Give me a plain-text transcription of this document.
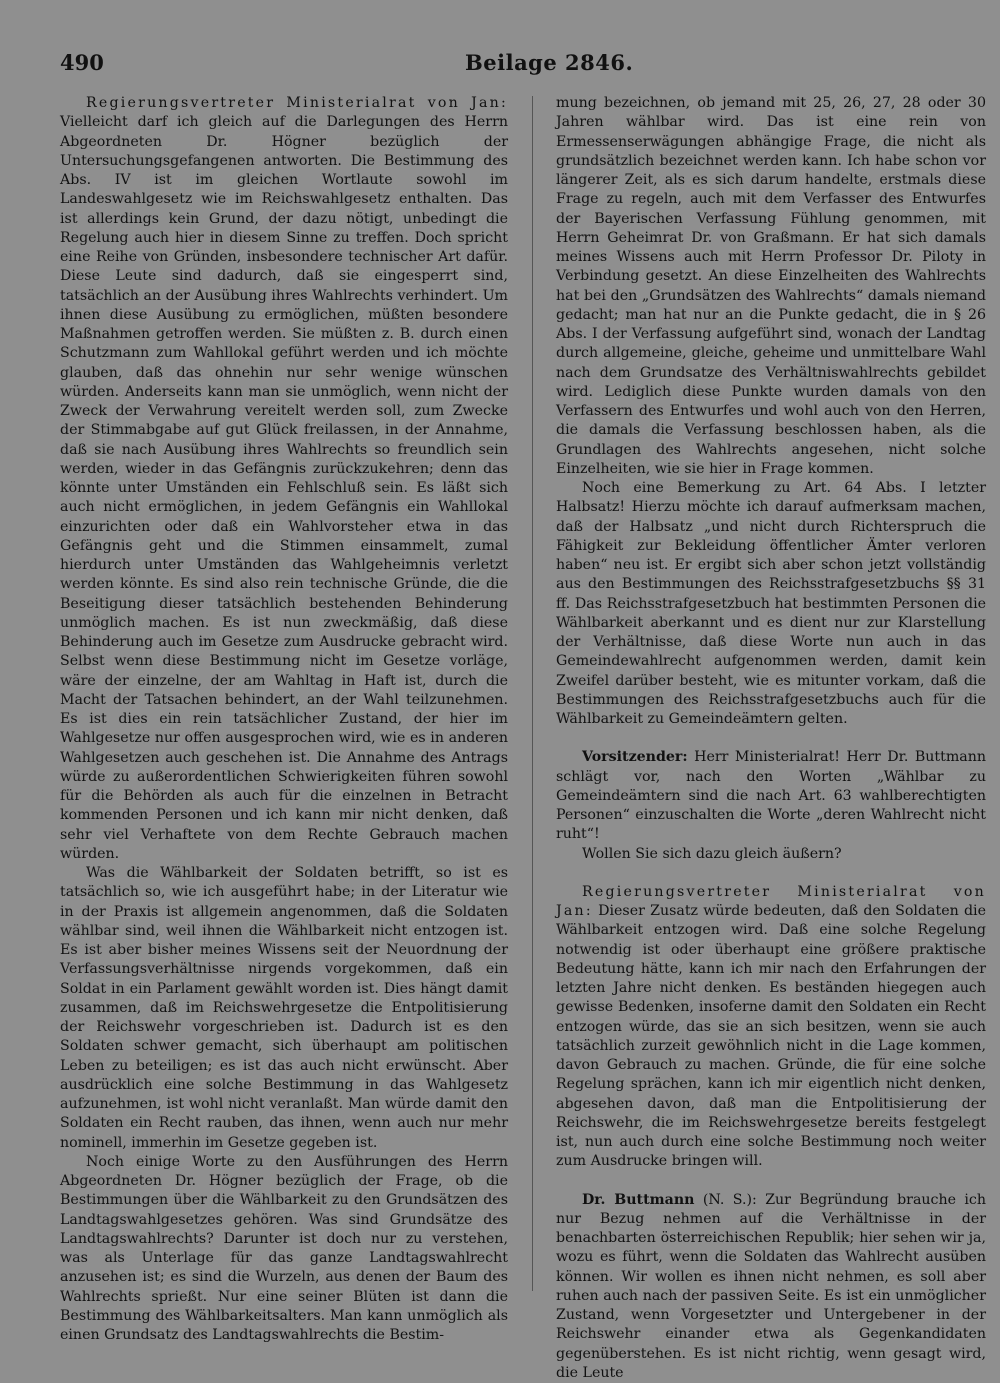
490	Beilage 2846.

Regierungsvertreter Ministerialrat von Jan: Vielleicht darf ich gleich auf die Darlegungen des Herrn Abgeordneten Dr. Högner bezüglich der Untersuchungsgefangenen antworten. Die Bestimmung des Abs. IV ist im gleichen Wortlaute sowohl im Landeswahlgesetz wie im Reichswahlgesetz enthalten. Das ist allerdings kein Grund, der dazu nötigt, unbedingt die Regelung auch hier in diesem Sinne zu treffen. Doch spricht eine Reihe von Gründen, insbesondere technischer Art dafür. Diese Leute sind dadurch, daß sie eingesperrt sind, tatsächlich an der Ausübung ihres Wahlrechts verhindert. Um ihnen diese Ausübung zu ermöglichen, müßten besondere Maßnahmen getroffen werden. Sie müßten z. B. durch einen Schutzmann zum Wahllokal geführt werden und ich möchte glauben, daß das ohnehin nur sehr wenige wünschen würden. Anderseits kann man sie unmöglich, wenn nicht der Zweck der Verwahrung vereitelt werden soll, zum Zwecke der Stimmabgabe auf gut Glück freilassen, in der Annahme, daß sie nach Ausübung ihres Wahlrechts so freundlich sein werden, wieder in das Gefängnis zurückzukehren; denn das könnte unter Umständen ein Fehlschluß sein. Es läßt sich auch nicht ermöglichen, in jedem Gefängnis ein Wahllokal einzurichten oder daß ein Wahlvorsteher etwa in das Gefängnis geht und die Stimmen einsammelt, zumal hierdurch unter Umständen das Wahlgeheimnis verletzt werden könnte. Es sind also rein technische Gründe, die die Beseitigung dieser tatsächlich bestehenden Behinderung unmöglich machen. Es ist nun zweckmäßig, daß diese Behinderung auch im Gesetze zum Ausdrucke gebracht wird. Selbst wenn diese Bestimmung nicht im Gesetze vorläge, wäre der einzelne, der am Wahltag in Haft ist, durch die Macht der Tatsachen behindert, an der Wahl teilzunehmen. Es ist dies ein rein tatsächlicher Zustand, der hier im Wahlgesetze nur offen ausgesprochen wird, wie es in anderen Wahlgesetzen auch geschehen ist. Die Annahme des Antrags würde zu außerordentlichen Schwierigkeiten führen sowohl für die Behörden als auch für die einzelnen in Betracht kommenden Personen und ich kann mir nicht denken, daß sehr viel Verhaftete von dem Rechte Gebrauch machen würden.

Was die Wählbarkeit der Soldaten betrifft, so ist es tatsächlich so, wie ich ausgeführt habe; in der Literatur wie in der Praxis ist allgemein angenommen, daß die Soldaten wählbar sind, weil ihnen die Wählbarkeit nicht entzogen ist. Es ist aber bisher meines Wissens seit der Neuordnung der Verfassungsverhältnisse nirgends vorgekommen, daß ein Soldat in ein Parlament gewählt worden ist. Dies hängt damit zusammen, daß im Reichswehrgesetze die Entpolitisierung der Reichswehr vorgeschrieben ist. Dadurch ist es den Soldaten schwer gemacht, sich überhaupt am politischen Leben zu beteiligen; es ist das auch nicht erwünscht. Aber ausdrücklich eine solche Bestimmung in das Wahlgesetz aufzunehmen, ist wohl nicht veranlaßt. Man würde damit den Soldaten ein Recht rauben, das ihnen, wenn auch nur mehr nominell, immerhin im Gesetze gegeben ist.

Noch einige Worte zu den Ausführungen des Herrn Abgeordneten Dr. Högner bezüglich der Frage, ob die Bestimmungen über die Wählbarkeit zu den Grundsätzen des Landtagswahlgesetzes gehören. Was sind Grundsätze des Landtagswahlrechts? Darunter ist doch nur zu verstehen, was als Unterlage für das ganze Landtagswahlrecht anzusehen ist; es sind die Wurzeln, aus denen der Baum des Wahlrechts sprießt. Nur eine seiner Blüten ist dann die Bestimmung des Wählbarkeitsalters. Man kann unmöglich als einen Grundsatz des Landtagswahlrechts die Bestim-

mung bezeichnen, ob jemand mit 25, 26, 27, 28 oder 30 Jahren wählbar wird. Das ist eine rein von Ermessenserwägungen abhängige Frage, die nicht als grundsätzlich bezeichnet werden kann. Ich habe schon vor längerer Zeit, als es sich darum handelte, erstmals diese Frage zu regeln, auch mit dem Verfasser des Entwurfes der Bayerischen Verfassung Fühlung genommen, mit Herrn Geheimrat Dr. von Graßmann. Er hat sich damals meines Wissens auch mit Herrn Professor Dr. Piloty in Verbindung gesetzt. An diese Einzelheiten des Wahlrechts hat bei den „Grundsätzen des Wahlrechts“ damals niemand gedacht; man hat nur an die Punkte gedacht, die in § 26 Abs. I der Verfassung aufgeführt sind, wonach der Landtag durch allgemeine, gleiche, geheime und unmittelbare Wahl nach dem Grundsatze des Verhältniswahlrechts gebildet wird. Lediglich diese Punkte wurden damals von den Verfassern des Entwurfes und wohl auch von den Herren, die damals die Verfassung beschlossen haben, als die Grundlagen des Wahlrechts angesehen, nicht solche Einzelheiten, wie sie hier in Frage kommen.

Noch eine Bemerkung zu Art. 64 Abs. I letzter Halbsatz! Hierzu möchte ich darauf aufmerksam machen, daß der Halbsatz „und nicht durch Richterspruch die Fähigkeit zur Bekleidung öffentlicher Ämter verloren haben“ neu ist. Er ergibt sich aber schon jetzt vollständig aus den Bestimmungen des Reichsstrafgesetzbuchs §§ 31 ff. Das Reichsstrafgesetzbuch hat bestimmten Personen die Wählbarkeit aberkannt und es dient nur zur Klarstellung der Verhältnisse, daß diese Worte nun auch in das Gemeindewahlrecht aufgenommen werden, damit kein Zweifel darüber besteht, wie es mitunter vorkam, daß die Bestimmungen des Reichsstrafgesetzbuchs auch für die Wählbarkeit zu Gemeindeämtern gelten.

Vorsitzender: Herr Ministerialrat! Herr Dr. Buttmann schlägt vor, nach den Worten „Wählbar zu Gemeindeämtern sind die nach Art. 63 wahlberechtigten Personen“ einzuschalten die Worte „deren Wahlrecht nicht ruht“!

Wollen Sie sich dazu gleich äußern?

Regierungsvertreter Ministerialrat von Jan: Dieser Zusatz würde bedeuten, daß den Soldaten die Wählbarkeit entzogen wird. Daß eine solche Regelung notwendig ist oder überhaupt eine größere praktische Bedeutung hätte, kann ich mir nach den Erfahrungen der letzten Jahre nicht denken. Es beständen hiegegen auch gewisse Bedenken, insoferne damit den Soldaten ein Recht entzogen würde, das sie an sich besitzen, wenn sie auch tatsächlich zurzeit gewöhnlich nicht in die Lage kommen, davon Gebrauch zu machen. Gründe, die für eine solche Regelung sprächen, kann ich mir eigentlich nicht denken, abgesehen davon, daß man die Entpolitisierung der Reichswehr, die im Reichswehrgesetze bereits festgelegt ist, nun auch durch eine solche Bestimmung noch weiter zum Ausdrucke bringen will.

Dr. Buttmann (N. S.): Zur Begründung brauche ich nur Bezug nehmen auf die Verhältnisse in der benachbarten österreichischen Republik; hier sehen wir ja, wozu es führt, wenn die Soldaten das Wahlrecht ausüben können. Wir wollen es ihnen nicht nehmen, es soll aber ruhen auch nach der passiven Seite. Es ist ein unmöglicher Zustand, wenn Vorgesetzter und Untergebener in der Reichswehr einander etwa als Gegenkandidaten gegenüberstehen. Es ist nicht richtig, wenn gesagt wird, die Leute
